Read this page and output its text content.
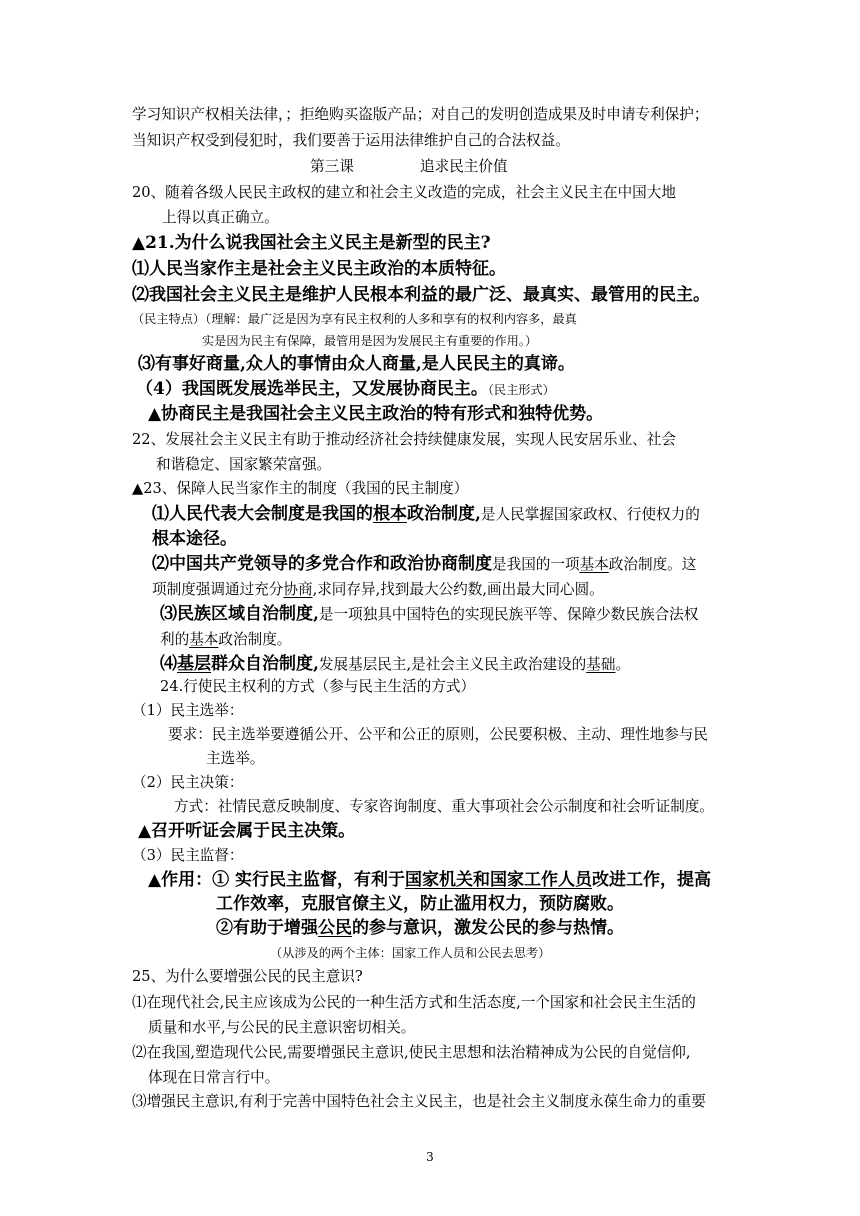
学习知识产权相关法律，；拒绝购买盗版产品；对自己的发明创造成果及时申请专利保护；
当知识产权受到侵犯时，我们要善于运用法律维护自己的合法权益。
第三课	追求民主价值
20、随着各级人民民主政权的建立和社会主义改造的完成，社会主义民主在中国大地
上得以真正确立。
▲21.为什么说我国社会主义民主是新型的民主?
⑴人民当家作主是社会主义民主政治的本质特征。
⑵我国社会主义民主是维护人民根本利益的最广泛、最真实、最管用的民主。
（民主特点）（理解：最广泛是因为享有民主权利的人多和享有的权利内容多，最真
实是因为民主有保障，最管用是因为发展民主有重要的作用。）
⑶有事好商量,众人的事情由众人商量,是人民民主的真谛。
（4）我国既发展选举民主，又发展协商民主。（民主形式）
▲协商民主是我国社会主义民主政治的特有形式和独特优势。
22、发展社会主义民主有助于推动经济社会持续健康发展，实现人民安居乐业、社会
和谐稳定、国家繁荣富强。
▲23、保障人民当家作主的制度（我国的民主制度）
⑴人民代表大会制度是我国的根本政治制度,是人民掌握国家政权、行使权力的
根本途径。
⑵中国共产党领导的多党合作和政治协商制度是我国的一项基本政治制度。这
项制度强调通过充分协商,求同存异,找到最大公约数,画出最大同心圆。
⑶民族区域自治制度,是一项独具中国特色的实现民族平等、保障少数民族合法权
利的基本政治制度。
⑷基层群众自治制度,发展基层民主,是社会主义民主政治建设的基础。
24.行使民主权利的方式（参与民主生活的方式）
（1）民主选举：
要求：民主选举要遵循公开、公平和公正的原则，公民要积极、主动、理性地参与民
主选举。
（2）民主决策：
方式：社情民意反映制度、专家咨询制度、重大事项社会公示制度和社会听证制度。
▲召开听证会属于民主决策。
（3）民主监督：
▲作用：① 实行民主监督，有利于国家机关和国家工作人员改进工作，提高
工作效率，克服官僚主义，防止滥用权力，预防腐败。
②有助于增强公民的参与意识，激发公民的参与热情。
（从涉及的两个主体：国家工作人员和公民去思考）
25、为什么要增强公民的民主意识?
⑴在现代社会,民主应该成为公民的一种生活方式和生活态度,一个国家和社会民主生活的
质量和水平,与公民的民主意识密切相关。
⑵在我国,塑造现代公民,需要增强民主意识,使民主思想和法治精神成为公民的自觉信仰,
体现在日常言行中。
⑶增强民主意识,有利于完善中国特色社会主义民主，也是社会主义制度永葆生命力的重要
3
